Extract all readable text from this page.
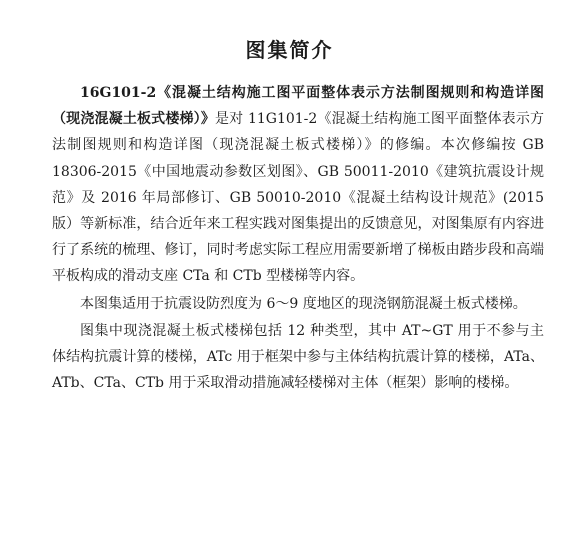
图集简介

16G101-2《混凝土结构施工图平面整体表示方法制图规则和构造详图（现浇混凝土板式楼梯）》是对 11G101-2《混凝土结构施工图平面整体表示方法制图规则和构造详图（现浇混凝土板式楼梯）》的修编。本次修编按 GB 18306-2015《中国地震动参数区划图》、GB 50011-2010《建筑抗震设计规范》及 2016 年局部修订、GB 50010-2010《混凝土结构设计规范》(2015 版）等新标准，结合近年来工程实践对图集提出的反馈意见，对图集原有内容进行了系统的梳理、修订，同时考虑实际工程应用需要新增了梯板由踏步段和高端平板构成的滑动支座 CTa 和 CTb 型楼梯等内容。

本图集适用于抗震设防烈度为 6～9 度地区的现浇钢筋混凝土板式楼梯。

图集中现浇混凝土板式楼梯包括 12 种类型，其中 AT~GT 用于不参与主体结构抗震计算的楼梯，ATc 用于框架中参与主体结构抗震计算的楼梯，ATa、ATb、CTa、CTb 用于采取滑动措施减轻楼梯对主体（框架）影响的楼梯。
